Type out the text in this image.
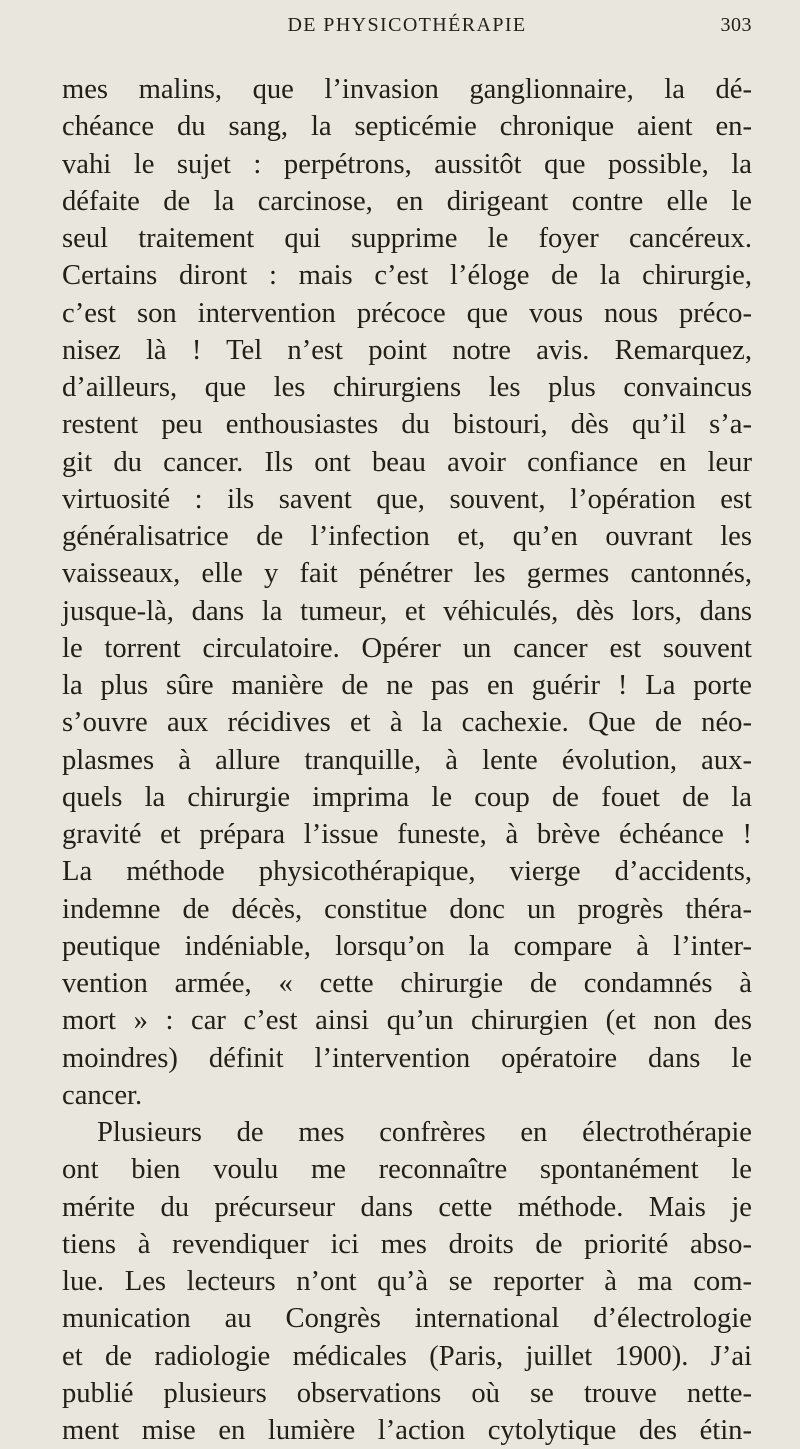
DE PHYSICOTHÉRAPIE	303
mes malins, que l’invasion ganglionnaire, la dé-
chéance du sang, la septicémie chronique aient en-
vahi le sujet : perpétrons, aussitôt que possible, la
défaite de la carcinose, en dirigeant contre elle le
seul traitement qui supprime le foyer cancéreux.
Certains diront : mais c’est l’éloge de la chirurgie,
c’est son intervention précoce que vous nous préco-
nisez là ! Tel n’est point notre avis. Remarquez,
d’ailleurs, que les chirurgiens les plus convaincus
restent peu enthousiastes du bistouri, dès qu’il s’a-
git du cancer. Ils ont beau avoir confiance en leur
virtuosité : ils savent que, souvent, l’opération est
généralisatrice de l’infection et, qu’en ouvrant les
vaisseaux, elle y fait pénétrer les germes cantonnés,
jusque-là, dans la tumeur, et véhiculés, dès lors, dans
le torrent circulatoire. Opérer un cancer est souvent
la plus sûre manière de ne pas en guérir ! La porte
s’ouvre aux récidives et à la cachexie. Que de néo-
plasmes à allure tranquille, à lente évolution, aux-
quels la chirurgie imprima le coup de fouet de la
gravité et prépara l’issue funeste, à brève échéance !
La méthode physicothérapique, vierge d’accidents,
indemne de décès, constitue donc un progrès théra-
peutique indéniable, lorsqu’on la compare à l’inter-
vention armée, « cette chirurgie de condamnés à
mort » : car c’est ainsi qu’un chirurgien (et non des
moindres) définit l’intervention opératoire dans le
cancer.
Plusieurs de mes confrères en électrothérapie
ont bien voulu me reconnaître spontanément le
mérite du précurseur dans cette méthode. Mais je
tiens à revendiquer ici mes droits de priorité abso-
lue. Les lecteurs n’ont qu’à se reporter à ma com-
munication au Congrès international d’électrologie
et de radiologie médicales (Paris, juillet 1900). J’ai
publié plusieurs observations où se trouve nette-
ment mise en lumière l’action cytolytique des étin-
